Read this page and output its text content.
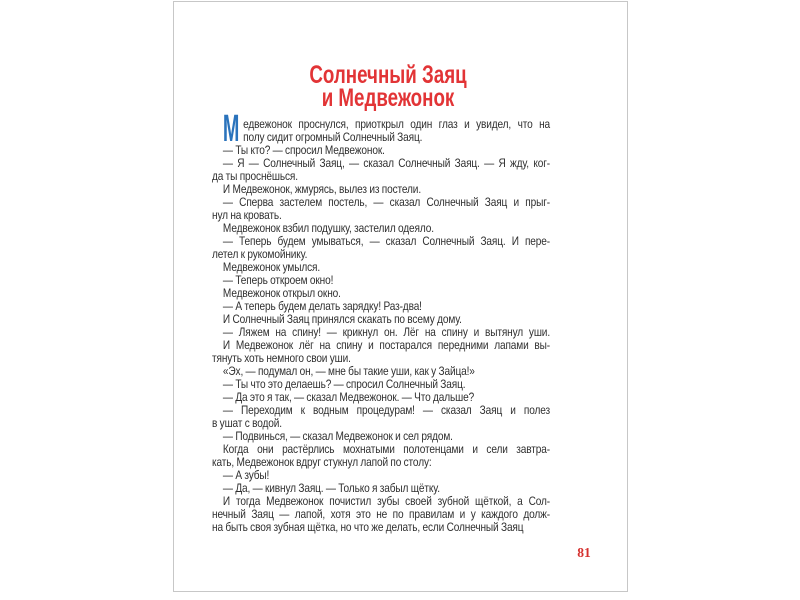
Солнечный Заяц
и Медвежонок
М едвежонок проснулся, приоткрыл один глаз и увидел, что на
полу сидит огромный Солнечный Заяц.
— Ты кто? — спросил Медвежонок.
— Я — Солнечный Заяц, — сказал Солнечный Заяц. — Я жду, ког-
да ты проснёшься.
И Медвежонок, жмурясь, вылез из постели.
— Сперва застелем постель, — сказал Солнечный Заяц и прыг-
нул на кровать.
Медвежонок взбил подушку, застелил одеяло.
— Теперь будем умываться, — сказал Солнечный Заяц. И пере-
летел к рукомойнику.
Медвежонок умылся.
— Теперь откроем окно!
Медвежонок открыл окно.
— А теперь будем делать зарядку! Раз-два!
И Солнечный Заяц принялся скакать по всему дому.
— Ляжем на спину! — крикнул он. Лёг на спину и вытянул уши.
И Медвежонок лёг на спину и постарался передними лапами вы-
тянуть хоть немного свои уши.
«Эх, — подумал он, — мне бы такие уши, как у Зайца!»
— Ты что это делаешь? — спросил Солнечный Заяц.
— Да это я так, — сказал Медвежонок. — Что дальше?
— Переходим к водным процедурам! — сказал Заяц и полез
в ушат с водой.
— Подвинься, — сказал Медвежонок и сел рядом.
Когда они растёрлись мохнатыми полотенцами и сели завтра-
кать, Медвежонок вдруг стукнул лапой по столу:
— А зубы!
— Да, — кивнул Заяц. — Только я забыл щётку.
И тогда Медвежонок почистил зубы своей зубной щёткой, а Сол-
нечный Заяц — лапой, хотя это не по правилам и у каждого долж-
на быть своя зубная щётка, но что же делать, если Солнечный Заяц
81
